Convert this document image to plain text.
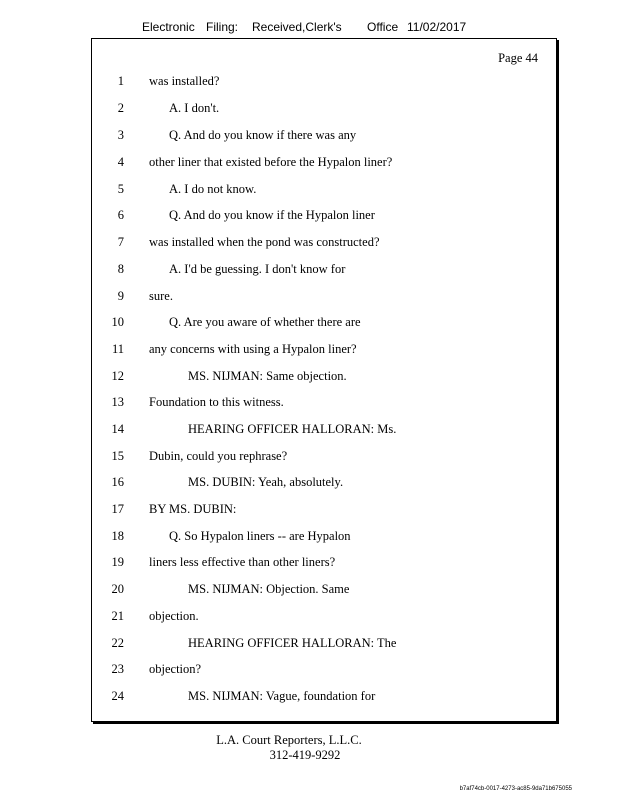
Electronic Filing: Received,Clerk's Office 11/02/2017
Page 44
1 was installed?
2	A. I don't.
3	Q. And do you know if there was any
4 other liner that existed before the Hypalon liner?
5	A. I do not know.
6	Q. And do you know if the Hypalon liner
7 was installed when the pond was constructed?
8	A. I'd be guessing. I don't know for
9 sure.
10	Q. Are you aware of whether there are
11 any concerns with using a Hypalon liner?
12	MS. NIJMAN: Same objection.
13 Foundation to this witness.
14	HEARING OFFICER HALLORAN: Ms.
15 Dubin, could you rephrase?
16	MS. DUBIN: Yeah, absolutely.
17 BY MS. DUBIN:
18	Q. So Hypalon liners -- are Hypalon
19 liners less effective than other liners?
20	MS. NIJMAN: Objection. Same
21 objection.
22	HEARING OFFICER HALLORAN: The
23 objection?
24	MS. NIJMAN: Vague, foundation for
L.A. Court Reporters, L.L.C.
312-419-9292
b7af74cb-0017-4273-ac85-9da71b675055
